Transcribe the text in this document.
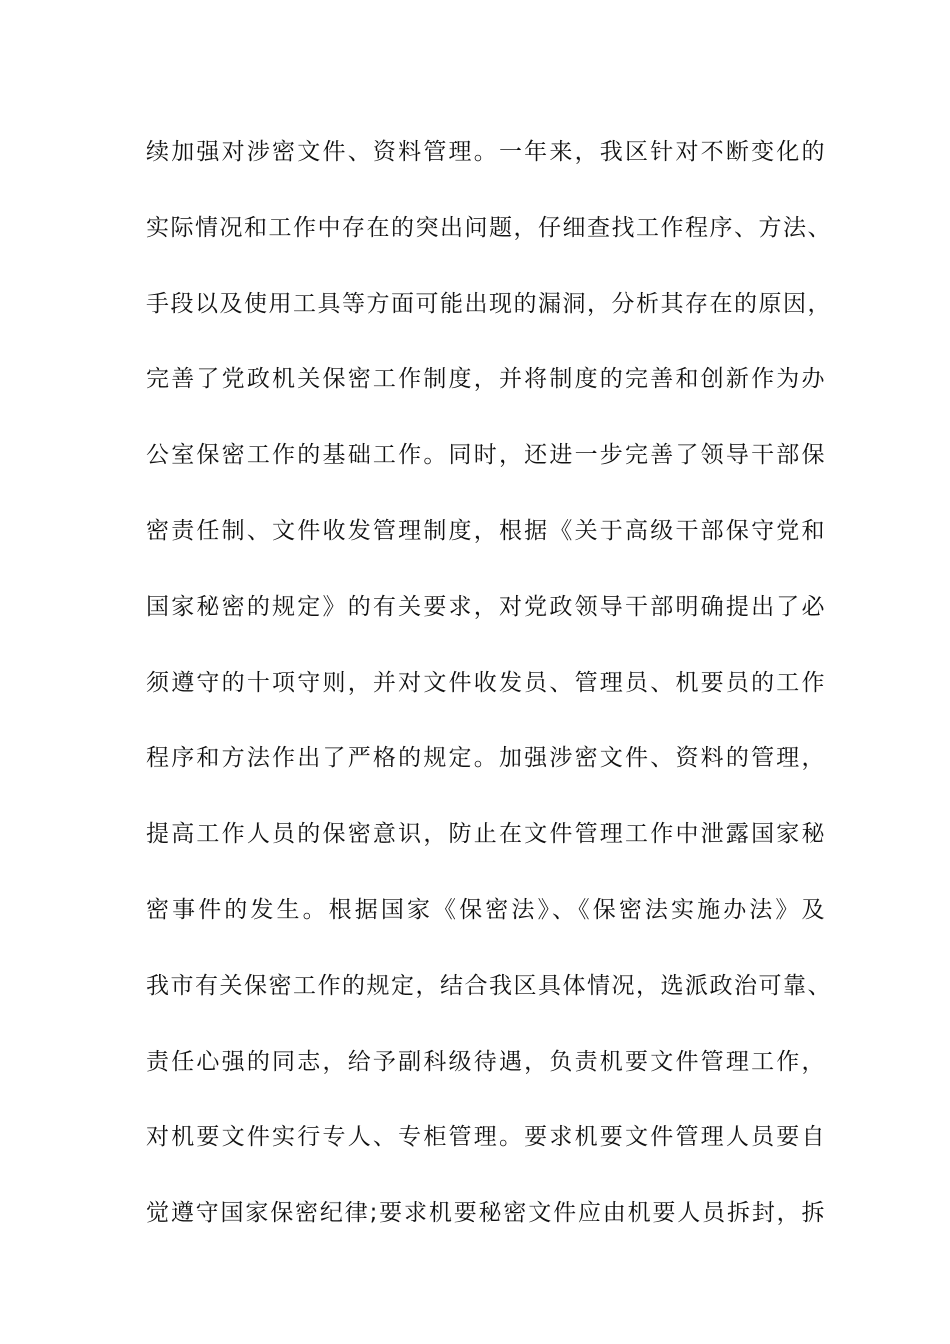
续加强对涉密文件、资料管理。一年来，我区针对不断变化的
实际情况和工作中存在的突出问题，仔细查找工作程序、方法、
手段以及使用工具等方面可能出现的漏洞，分析其存在的原因，
完善了党政机关保密工作制度，并将制度的完善和创新作为办
公室保密工作的基础工作。同时，还进一步完善了领导干部保
密责任制、文件收发管理制度，根据《关于高级干部保守党和
国家秘密的规定》的有关要求，对党政领导干部明确提出了必
须遵守的十项守则，并对文件收发员、管理员、机要员的工作
程序和方法作出了严格的规定。加强涉密文件、资料的管理，
提高工作人员的保密意识，防止在文件管理工作中泄露国家秘
密事件的发生。根据国家《保密法》、《保密法实施办法》及
我市有关保密工作的规定，结合我区具体情况，选派政治可靠、
责任心强的同志，给予副科级待遇，负责机要文件管理工作，
对机要文件实行专人、专柜管理。要求机要文件管理人员要自
觉遵守国家保密纪律;要求机要秘密文件应由机要人员拆封，拆
